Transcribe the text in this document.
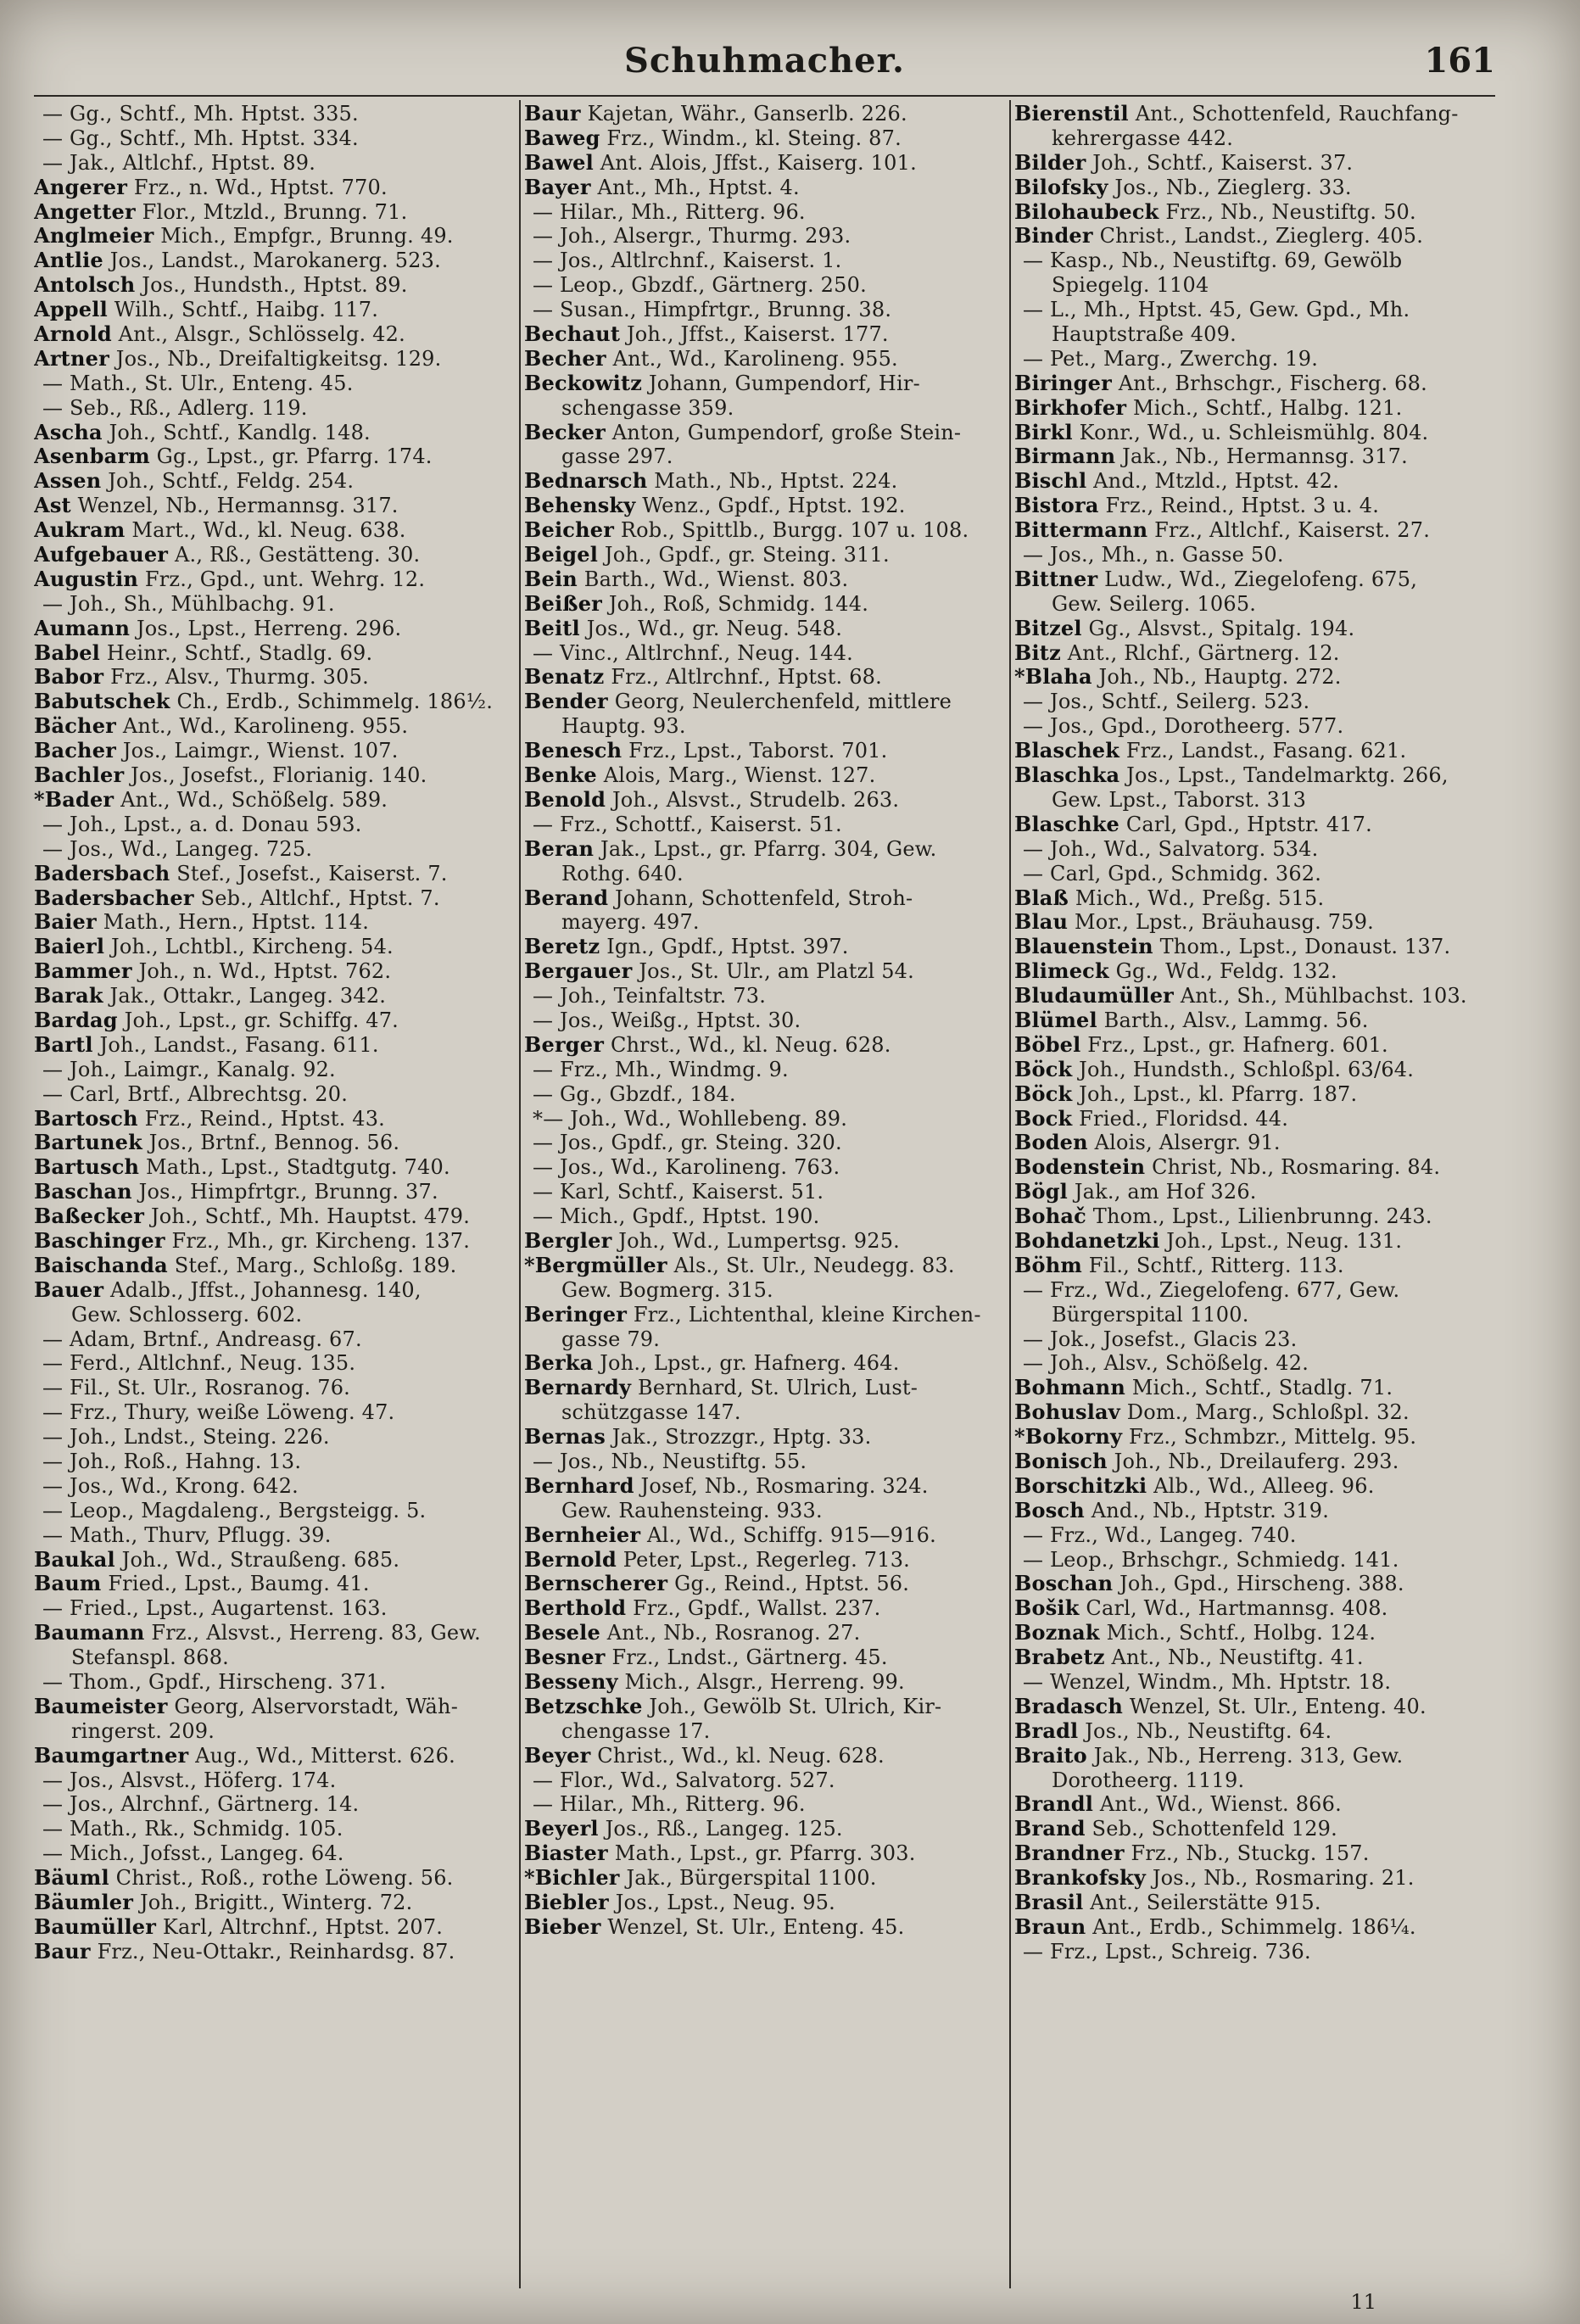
Schuhmacher.	161
— Gg., Schtf., Mh. Hptst. 335.
— Gg., Schtf., Mh. Hptst. 334.
— Jak., Altlchf., Hptst. 89.
Angerer Frz., n. Wd., Hptst. 770.
Angetter Flor., Mtzld., Brunng. 71.
Anglmeier Mich., Empfgr., Brunng. 49.
Antlie Jos., Landst., Marokanerg. 523.
Antolsch Jos., Hundsth., Hptst. 89.
Appell Wilh., Schtf., Haibg. 117.
Arnold Ant., Alsgr., Schlösselg. 42.
Artner Jos., Nb., Dreifaltigkeitsg. 129.
— Math., St. Ulr., Enteng. 45.
— Seb., Rß., Adlerg. 119.
Ascha Joh., Schtf., Kandlg. 148.
Asenbarm Gg., Lpst., gr. Pfarrg. 174.
Assen Joh., Schtf., Feldg. 254.
Ast Wenzel, Nb., Hermannsg. 317.
Aukram Mart., Wd., kl. Neug. 638.
Aufgebauer A., Rß., Gestätteng. 30.
Augustin Frz., Gpd., unt. Wehrg. 12.
— Joh., Sh., Mühlbachg. 91.
Aumann Jos., Lpst., Herreng. 296.
Babel Heinr., Schtf., Stadlg. 69.
Babor Frz., Alsv., Thurmg. 305.
Babutschek Ch., Erdb., Schimmelg. 186½.
Bächer Ant., Wd., Karolineng. 955.
Bacher Jos., Laimgr., Wienst. 107.
Bachler Jos., Josefst., Florianig. 140.
*Bader Ant., Wd., Schößelg. 589.
— Joh., Lpst., a. d. Donau 593.
— Jos., Wd., Langeg. 725.
Badersbach Stef., Josefst., Kaiserst. 7.
Badersbacher Seb., Altlchf., Hptst. 7.
Baier Math., Hern., Hptst. 114.
Baierl Joh., Lchtbl., Kircheng. 54.
Bammer Joh., n. Wd., Hptst. 762.
Barak Jak., Ottakr., Langeg. 342.
Bardag Joh., Lpst., gr. Schiffg. 47.
Bartl Joh., Landst., Fasang. 611.
— Joh., Laimgr., Kanalg. 92.
— Carl, Brtf., Albrechtsg. 20.
Bartosch Frz., Reind., Hptst. 43.
Bartunek Jos., Brtnf., Bennog. 56.
Bartusch Math., Lpst., Stadtgutg. 740.
Baschan Jos., Himpfrtgr., Brunng. 37.
Baßecker Joh., Schtf., Mh. Hauptst. 479.
Baschinger Frz., Mh., gr. Kircheng. 137.
Baischanda Stef., Marg., Schloßg. 189.
Bauer Adalb., Jffst., Johannesg. 140,
Gew. Schlosserg. 602.
— Adam, Brtnf., Andreasg. 67.
— Ferd., Altlchnf., Neug. 135.
— Fil., St. Ulr., Rosranog. 76.
— Frz., Thury, weiße Löweng. 47.
— Joh., Lndst., Steing. 226.
— Joh., Roß., Hahng. 13.
— Jos., Wd., Krong. 642.
— Leop., Magdaleng., Bergsteigg. 5.
— Math., Thurv, Pflugg. 39.
Baukal Joh., Wd., Straußeng. 685.
Baum Fried., Lpst., Baumg. 41.
— Fried., Lpst., Augartenst. 163.
Baumann Frz., Alsvst., Herreng. 83, Gew.
Stefanspl. 868.
— Thom., Gpdf., Hirscheng. 371.
Baumeister Georg, Alservorstadt, Wäh-
ringerst. 209.
Baumgartner Aug., Wd., Mitterst. 626.
— Jos., Alsvst., Höferg. 174.
— Jos., Alrchnf., Gärtnerg. 14.
— Math., Rk., Schmidg. 105.
— Mich., Jofsst., Langeg. 64.
Bäuml Christ., Roß., rothe Löweng. 56.
Bäumler Joh., Brigitt., Winterg. 72.
Baumüller Karl, Altrchnf., Hptst. 207.
Baur Frz., Neu-Ottakr., Reinhardsg. 87.
Baur Kajetan, Währ., Ganserlb. 226.
Baweg Frz., Windm., kl. Steing. 87.
Bawel Ant. Alois, Jffst., Kaiserg. 101.
Bayer Ant., Mh., Hptst. 4.
— Hilar., Mh., Ritterg. 96.
— Joh., Alsergr., Thurmg. 293.
— Jos., Altlrchnf., Kaiserst. 1.
— Leop., Gbzdf., Gärtnerg. 250.
— Susan., Himpfrtgr., Brunng. 38.
Bechaut Joh., Jffst., Kaiserst. 177.
Becher Ant., Wd., Karolineng. 955.
Beckowitz Johann, Gumpendorf, Hir-
schengasse 359.
Becker Anton, Gumpendorf, große Stein-
gasse 297.
Bednarsch Math., Nb., Hptst. 224.
Behensky Wenz., Gpdf., Hptst. 192.
Beicher Rob., Spittlb., Burgg. 107 u. 108.
Beigel Joh., Gpdf., gr. Steing. 311.
Bein Barth., Wd., Wienst. 803.
Beißer Joh., Roß, Schmidg. 144.
Beitl Jos., Wd., gr. Neug. 548.
— Vinc., Altlrchnf., Neug. 144.
Benatz Frz., Altlrchnf., Hptst. 68.
Bender Georg, Neulerchenfeld, mittlere
Hauptg. 93.
Benesch Frz., Lpst., Taborst. 701.
Benke Alois, Marg., Wienst. 127.
Benold Joh., Alsvst., Strudelb. 263.
— Frz., Schottf., Kaiserst. 51.
Beran Jak., Lpst., gr. Pfarrg. 304, Gew.
Rothg. 640.
Berand Johann, Schottenfeld, Stroh-
mayerg. 497.
Beretz Ign., Gpdf., Hptst. 397.
Bergauer Jos., St. Ulr., am Platzl 54.
— Joh., Teinfaltstr. 73.
— Jos., Weißg., Hptst. 30.
Berger Chrst., Wd., kl. Neug. 628.
— Frz., Mh., Windmg. 9.
— Gg., Gbzdf., 184.
*— Joh., Wd., Wohllebeng. 89.
— Jos., Gpdf., gr. Steing. 320.
— Jos., Wd., Karolineng. 763.
— Karl, Schtf., Kaiserst. 51.
— Mich., Gpdf., Hptst. 190.
Bergler Joh., Wd., Lumpertsg. 925.
*Bergmüller Als., St. Ulr., Neudegg. 83.
Gew. Bogmerg. 315.
Beringer Frz., Lichtenthal, kleine Kirchen-
gasse 79.
Berka Joh., Lpst., gr. Hafnerg. 464.
Bernardy Bernhard, St. Ulrich, Lust-
schützgasse 147.
Bernas Jak., Strozzgr., Hptg. 33.
— Jos., Nb., Neustiftg. 55.
Bernhard Josef, Nb., Rosmaring. 324.
Gew. Rauhensteing. 933.
Bernheier Al., Wd., Schiffg. 915—916.
Bernold Peter, Lpst., Regerleg. 713.
Bernscherer Gg., Reind., Hptst. 56.
Berthold Frz., Gpdf., Wallst. 237.
Besele Ant., Nb., Rosranog. 27.
Besner Frz., Lndst., Gärtnerg. 45.
Besseny Mich., Alsgr., Herreng. 99.
Betzschke Joh., Gewölb St. Ulrich, Kir-
chengasse 17.
Beyer Christ., Wd., kl. Neug. 628.
— Flor., Wd., Salvatorg. 527.
— Hilar., Mh., Ritterg. 96.
Beyerl Jos., Rß., Langeg. 125.
Biaster Math., Lpst., gr. Pfarrg. 303.
*Bichler Jak., Bürgerspital 1100.
Biebler Jos., Lpst., Neug. 95.
Bieber Wenzel, St. Ulr., Enteng. 45.
Bierenstil Ant., Schottenfeld, Rauchfang-
kehrergasse 442.
Bilder Joh., Schtf., Kaiserst. 37.
Bilofsky Jos., Nb., Zieglerg. 33.
Bilohaubeck Frz., Nb., Neustiftg. 50.
Binder Christ., Landst., Zieglerg. 405.
— Kasp., Nb., Neustiftg. 69, Gewölb
Spiegelg. 1104
— L., Mh., Hptst. 45, Gew. Gpd., Mh.
Hauptstraße 409.
— Pet., Marg., Zwerchg. 19.
Biringer Ant., Brhschgr., Fischerg. 68.
Birkhofer Mich., Schtf., Halbg. 121.
Birkl Konr., Wd., u. Schleismühlg. 804.
Birmann Jak., Nb., Hermannsg. 317.
Bischl And., Mtzld., Hptst. 42.
Bistora Frz., Reind., Hptst. 3 u. 4.
Bittermann Frz., Altlchf., Kaiserst. 27.
— Jos., Mh., n. Gasse 50.
Bittner Ludw., Wd., Ziegelofeng. 675,
Gew. Seilerg. 1065.
Bitzel Gg., Alsvst., Spitalg. 194.
Bitz Ant., Rlchf., Gärtnerg. 12.
*Blaha Joh., Nb., Hauptg. 272.
— Jos., Schtf., Seilerg. 523.
— Jos., Gpd., Dorotheerg. 577.
Blaschek Frz., Landst., Fasang. 621.
Blaschka Jos., Lpst., Tandelmarktg. 266,
Gew. Lpst., Taborst. 313
Blaschke Carl, Gpd., Hptstr. 417.
— Joh., Wd., Salvatorg. 534.
— Carl, Gpd., Schmidg. 362.
Blaß Mich., Wd., Preßg. 515.
Blau Mor., Lpst., Bräuhausg. 759.
Blauenstein Thom., Lpst., Donaust. 137.
Blimeck Gg., Wd., Feldg. 132.
Bludaumüller Ant., Sh., Mühlbachst. 103.
Blümel Barth., Alsv., Lammg. 56.
Böbel Frz., Lpst., gr. Hafnerg. 601.
Böck Joh., Hundsth., Schloßpl. 63/64.
Böck Joh., Lpst., kl. Pfarrg. 187.
Bock Fried., Floridsd. 44.
Boden Alois, Alsergr. 91.
Bodenstein Christ, Nb., Rosmaring. 84.
Bögl Jak., am Hof 326.
Bohač Thom., Lpst., Lilienbrunng. 243.
Bohdanetzki Joh., Lpst., Neug. 131.
Böhm Fil., Schtf., Ritterg. 113.
— Frz., Wd., Ziegelofeng. 677, Gew.
Bürgerspital 1100.
— Jok., Josefst., Glacis 23.
— Joh., Alsv., Schößelg. 42.
Bohmann Mich., Schtf., Stadlg. 71.
Bohuslav Dom., Marg., Schloßpl. 32.
*Bokorny Frz., Schmbzr., Mittelg. 95.
Bonisch Joh., Nb., Dreilauferg. 293.
Borschitzki Alb., Wd., Alleeg. 96.
Bosch And., Nb., Hptstr. 319.
— Frz., Wd., Langeg. 740.
— Leop., Brhschgr., Schmiedg. 141.
Boschan Joh., Gpd., Hirscheng. 388.
Bošik Carl, Wd., Hartmannsg. 408.
Boznak Mich., Schtf., Holbg. 124.
Brabetz Ant., Nb., Neustiftg. 41.
— Wenzel, Windm., Mh. Hptstr. 18.
Bradasch Wenzel, St. Ulr., Enteng. 40.
Bradl Jos., Nb., Neustiftg. 64.
Braito Jak., Nb., Herreng. 313, Gew.
Dorotheerg. 1119.
Brandl Ant., Wd., Wienst. 866.
Brand Seb., Schottenfeld 129.
Brandner Frz., Nb., Stuckg. 157.
Brankofsky Jos., Nb., Rosmaring. 21.
Brasil Ant., Seilerstätte 915.
Braun Ant., Erdb., Schimmelg. 186¼.
— Frz., Lpst., Schreig. 736.
11
